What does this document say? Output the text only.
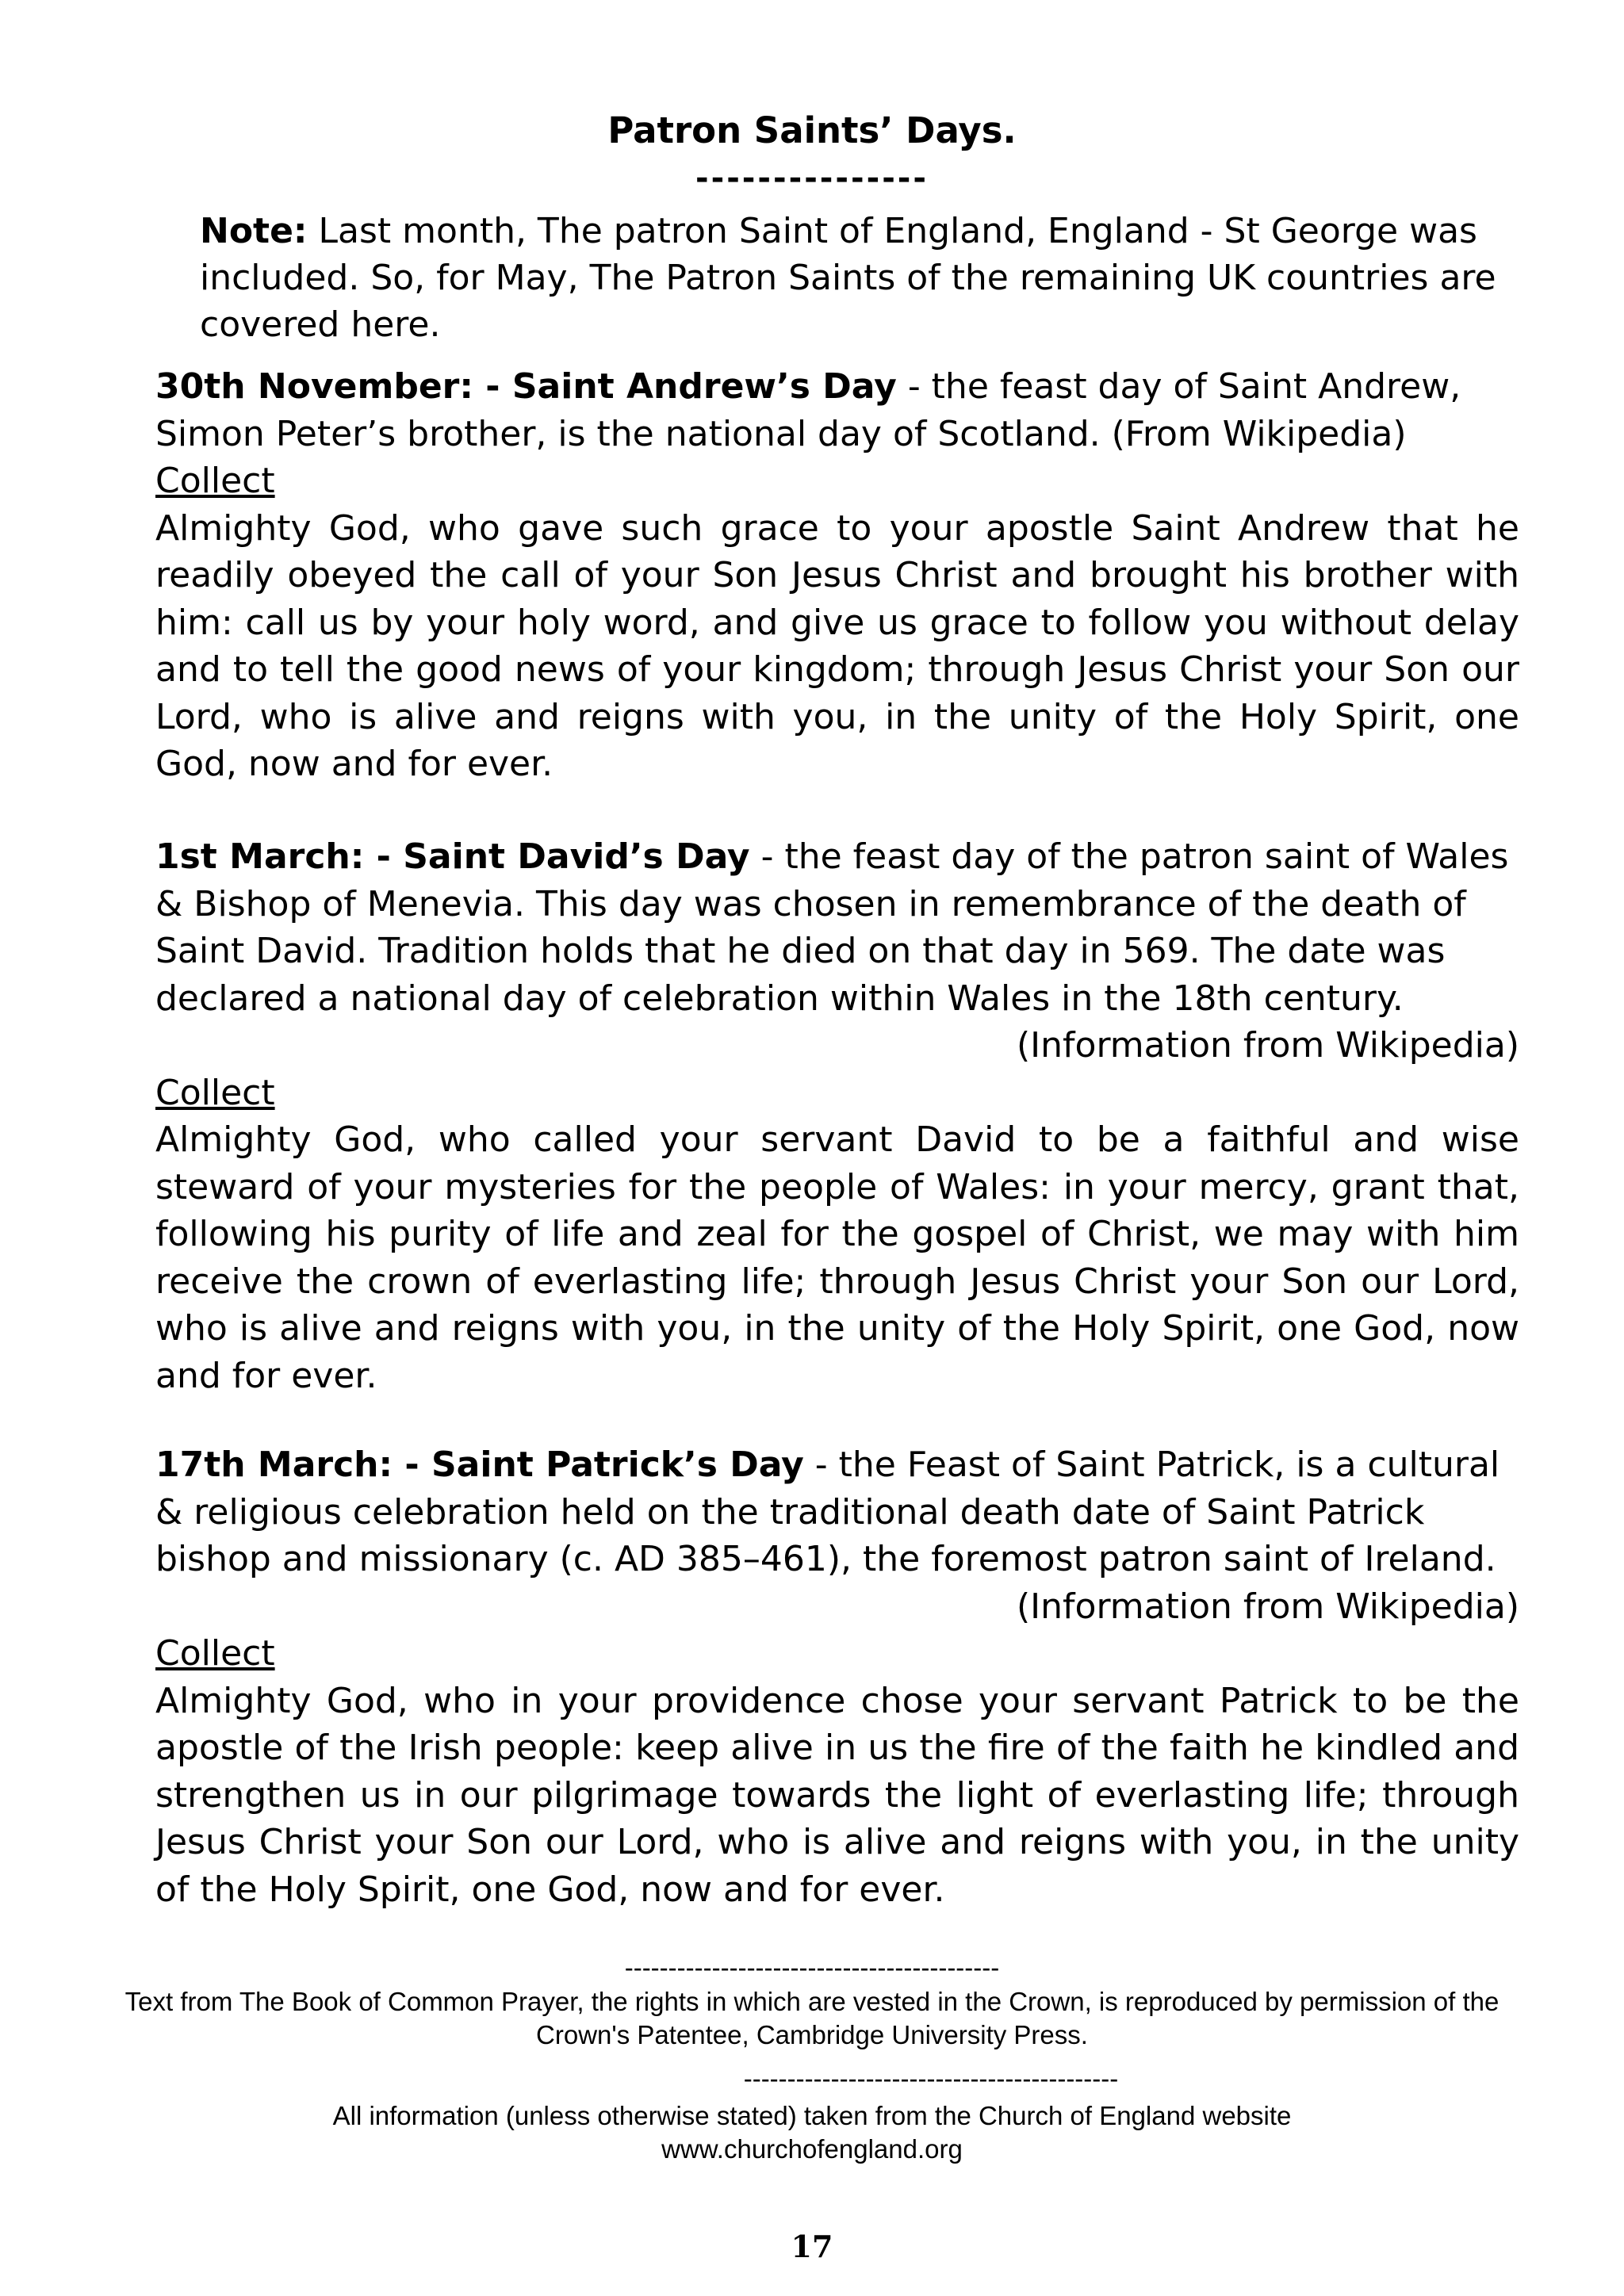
Patron Saints’ Days.
---------------
Note: Last month, The patron Saint of England, England - St George was included. So, for May, The Patron Saints of the remaining UK countries are covered here.

30th November: - Saint Andrew’s Day - the feast day of Saint Andrew, Simon Peter’s brother, is the national day of Scotland. (From Wikipedia)

Collect

Almighty God, who gave such grace to your apostle Saint Andrew that he readily obeyed the call of your Son Jesus Christ and brought his brother with him: call us by your holy word, and give us grace to follow you without delay and to tell the good news of your kingdom; through Jesus Christ your Son our Lord, who is alive and reigns with you, in the unity of the Holy Spirit, one God, now and for ever.

1st March: - Saint David’s Day - the feast day of the patron saint of Wales & Bishop of Menevia. This day was chosen in remembrance of the death of Saint David. Tradition holds that he died on that day in 569. The date was declared a national day of celebration within Wales in the 18th century.
(Information from Wikipedia)

Collect

Almighty God, who called your servant David to be a faithful and wise steward of your mysteries for the people of Wales: in your mercy, grant that, following his purity of life and zeal for the gospel of Christ, we may with him receive the crown of everlasting life; through Jesus Christ your Son our Lord, who is alive and reigns with you, in the unity of the Holy Spirit, one God, now and for ever.

17th March: - Saint Patrick’s Day - the Feast of Saint Patrick, is a cultural & religious celebration held on the traditional death date of Saint Patrick bishop and missionary (c. AD 385–461), the foremost patron saint of Ireland.
(Information from Wikipedia)

Collect

Almighty God, who in your providence chose your servant Patrick to be the apostle of the Irish people: keep alive in us the fire of the faith he kindled and strengthen us in our pilgrimage towards the light of everlasting life; through Jesus Christ your Son our Lord, who is alive and reigns with you, in the unity of the Holy Spirit, one God, now and for ever.

-------------------------------------------
Text from The Book of Common Prayer, the rights in which are vested in the Crown, is reproduced by permission of the Crown's Patentee, Cambridge University Press.
-------------------------------------------
All information (unless otherwise stated) taken from the Church of England website
www.churchofengland.org
17
